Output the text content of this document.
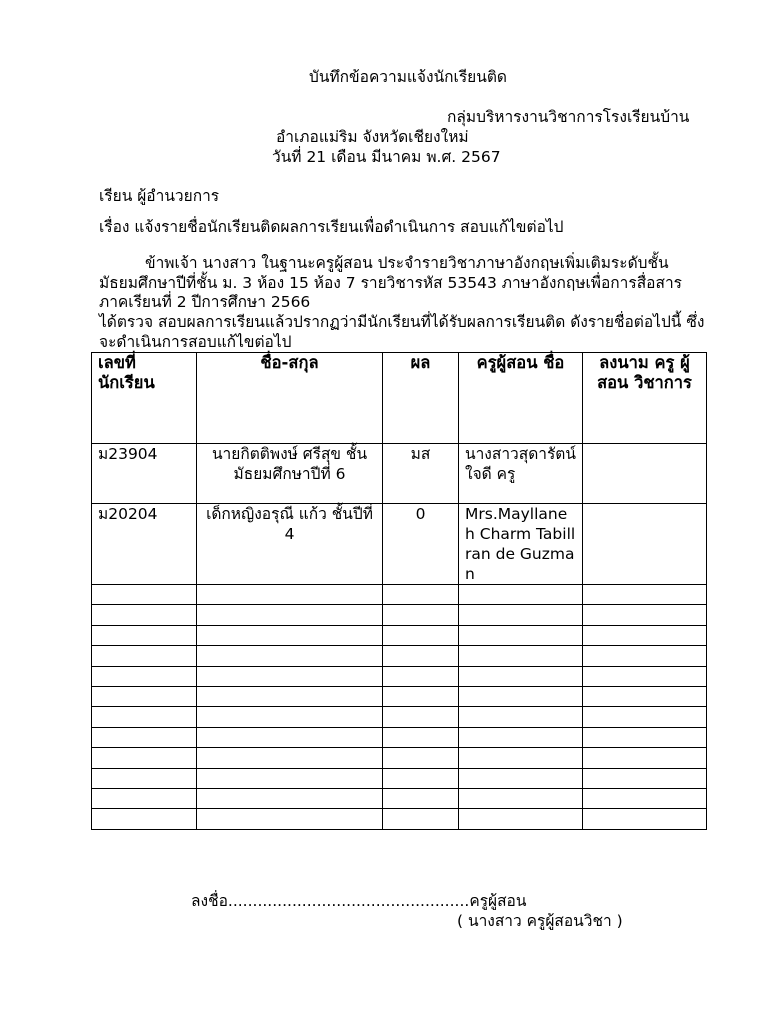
บันทึกข้อความแจ้งนักเรียนติด
กลุ่มบริหารงานวิชาการโรงเรียนบ้าน
อำเภอแม่ริม จังหวัดเชียงใหม่
วันที่ 21 เดือน มีนาคม พ.ศ. 2567
เรียน ผู้อำนวยการ
เรื่อง แจ้งรายชื่อนักเรียนติดผลการเรียนเพื่อดำเนินการ สอบแก้ไขต่อไป
ข้าพเจ้า นางสาว ในฐานะครูผู้สอน ประจำรายวิชาภาษาอังกฤษเพิ่มเติมระดับชั้นมัธยมศึกษาปีที่ชั้น ม. 3 ห้อง 15 ห้อง 7 รายวิชารหัส 53543 ภาษาอังกฤษเพื่อการสื่อสาร ภาคเรียนที่ 2 ปีการศึกษา 2566
ได้ตรวจ สอบผลการเรียนแล้วปรากฏว่ามีนักเรียนที่ได้รับผลการเรียนติด ดังรายชื่อต่อไปนี้ ซึ่งจะดำเนินการสอบแก้ไขต่อไป
เลขที่ นักเรียน	ชื่อ-สกุล	ผล	ครูผู้สอน ชื่อ	ลงนาม ครู ผู้สอน วิชาการ
ม23904	นายกิตติพงษ์ ศรีสุข ชั้นมัธยมศึกษาปีที่ 6	มส	นางสาวสุดารัตน์ ใจดี ครู	
ม20204	เด็กหญิงอรุณี แก้ว ชั้นปีที่ 4	0	Mrs.Mayllaneh Charm Tabillran de Guzman	

ลงชื่อ.................................................ครูผู้สอน
( นางสาว ครูผู้สอนวิชา )
